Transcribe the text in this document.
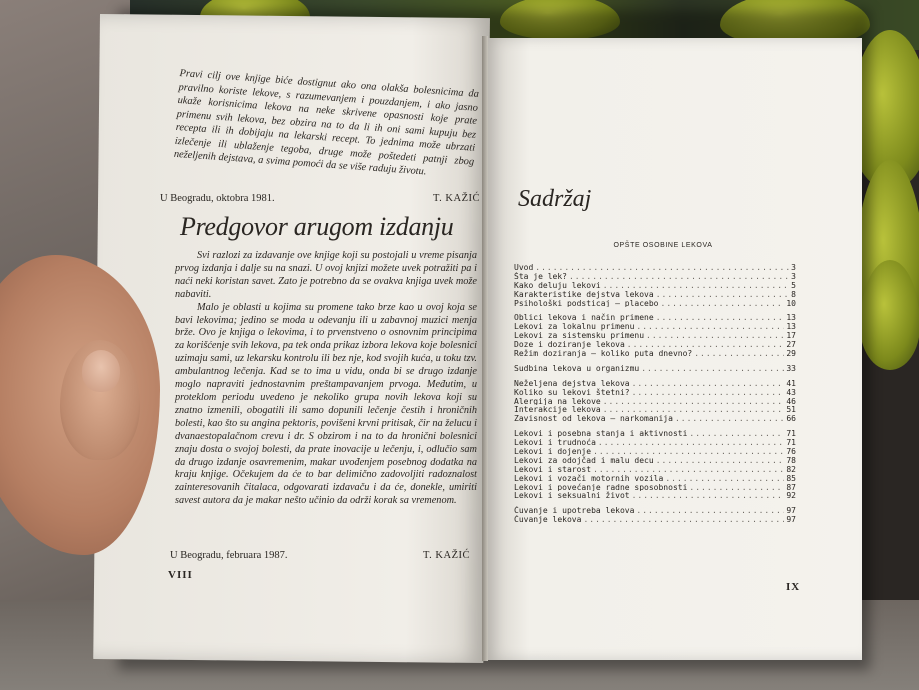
Pravi cilj ove knjige biće dostignut ako ona olakša bolesnicima da pravilno koriste lekove, s razumevanjem i pouzdanjem, i ako jasno ukaže korisnicima lekova na neke skrivene opasnosti koje prate primenu svih lekova, bez obzira na to da li ih oni sami kupuju bez recepta ili ih dobijaju na lekarski recept. To jednima može ubrzati izlečenje ili ublaženje tegoba, druge može poštedeti patnji zbog neželjenih dejstava, a svima pomoći da se više raduju životu.
U Beogradu, oktobra 1981.	T. KAŽIĆ
Predgovor arugom izdanju

Svi razlozi za izdavanje ove knjige koji su postojali u vreme pisanja prvog izdanja i dalje su na snazi. U ovoj knjizi možete uvek potražiti pa i naći neki koristan savet. Zato je potrebno da se ovakva knjiga uvek može nabaviti.

Malo je oblasti u kojima su promene tako brze kao u ovoj koja se bavi lekovima; jedino se moda u odevanju ili u zabavnoj muzici menja brže. Ovo je knjiga o lekovima, i to prvenstveno o osnovnim principima za korišćenje svih lekova, pa tek onda prikaz izbora lekova koje bolesnici uzimaju sami, uz lekarsku kontrolu ili bez nje, kod svojih kuća, u toku tzv. ambulantnog lečenja. Kad se to ima u vidu, onda bi se drugo izdanje moglo napraviti jednostavnim preštampavanjem prvoga. Međutim, u proteklom periodu uvedeno je nekoliko grupa novih lekova koji su znatno izmenili, obogatili ili samo dopunili lečenje čestih i hroničnih bolesti, kao što su angina pektoris, povišeni krvni pritisak, čir na želucu i dvanaestopalačnom crevu i dr. S obzirom i na to da hronični bolesnici znaju dosta o svojoj bolesti, da prate inovacije u lečenju, i, odlučio sam da drugo izdanje osavremenim, makar uvođenjem posebnog dodatka na kraju knjige. Očekujem da će to bar delimično zadovoljiti radoznalost zainteresovanih čitalaca, odgovarati izdavaču i da će, donekle, umiriti savest autora da je makar nešto učinio da održi korak sa vremenom.

U Beogradu, februara 1987.	T. KAŽIĆ
VIII
Sadržaj
OPŠTE OSOBINE LEKOVA
Uvod .....	3
Šta je lek? .....	3
Kako deluju lekovi .....	5
Karakteristike dejstva lekova .....	8
Psihološki podsticaj — placebo .....	10
Oblici lekova i način primene .....	13
Lekovi za lokalnu primenu .....	13
Lekovi za sistemsku primenu .....	17
Doze i doziranje lekova .....	27
Režim doziranja — koliko puta dnevno? .....	29
Sudbina lekova u organizmu .....	33
Neželjena dejstva lekova .....	41
Koliko su lekovi štetni? .....	43
Alergija na lekove .....	46
Interakcije lekova .....	51
Zavisnost od lekova — narkomanija .....	66
Lekovi i posebna stanja i aktivnosti .....	71
Lekovi i trudnoća .....	71
Lekovi i dojenje .....	76
Lekovi za odojčad i malu decu .....	78
Lekovi i starost .....	82
Lekovi i vozači motornih vozila .....	85
Lekovi i povećanje radne sposobnosti .....	87
Lekovi i seksualni život .....	92
Čuvanje i upotreba lekova .....	97
Čuvanje lekova .....	97
IX
